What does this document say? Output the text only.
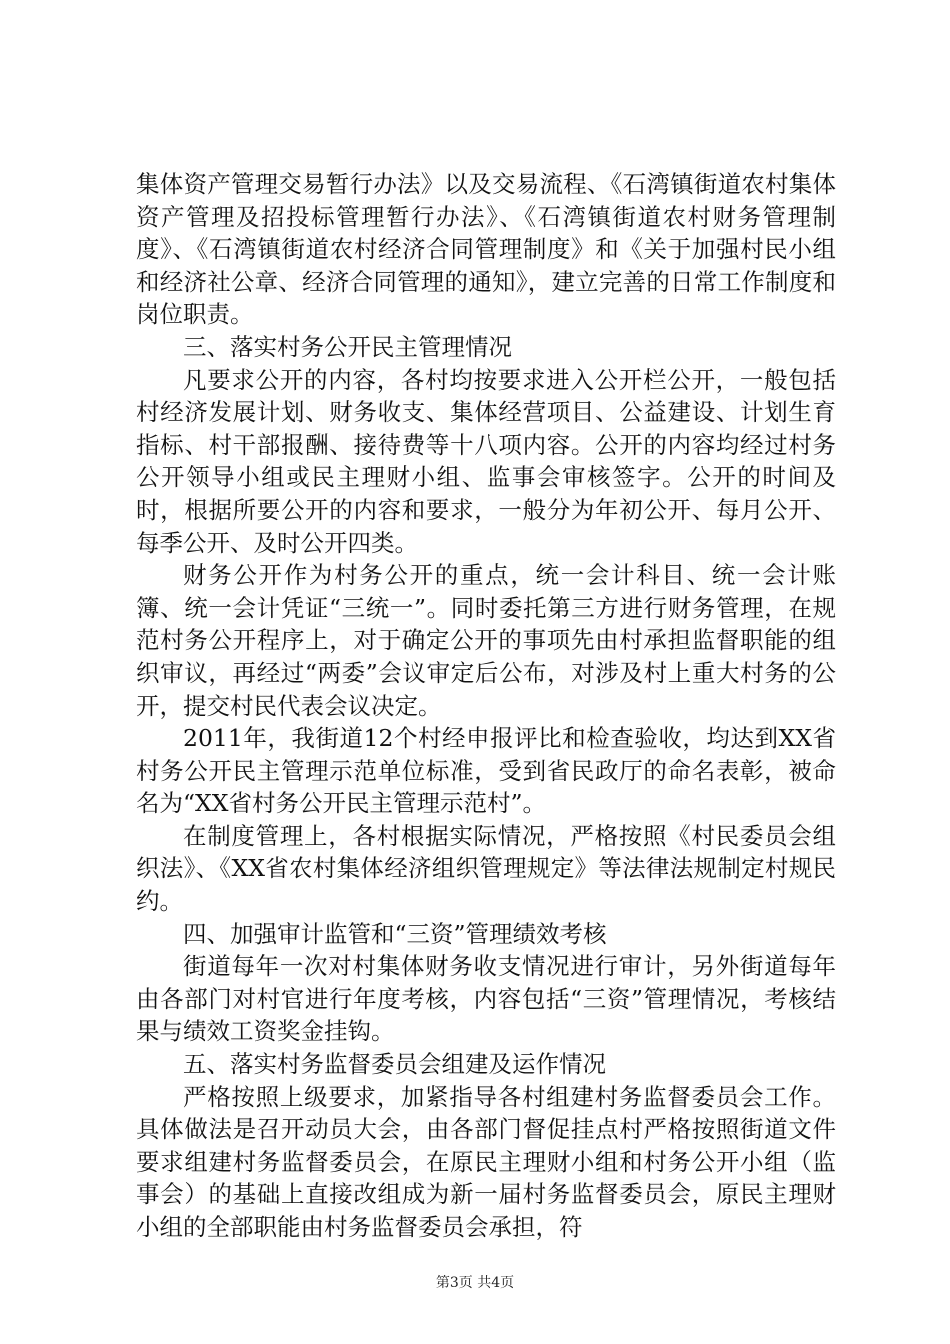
集体资产管理交易暂行办法》以及交易流程、《石湾镇街道农村集体资产管理及招投标管理暂行办法》、《石湾镇街道农村财务管理制度》、《石湾镇街道农村经济合同管理制度》和《关于加强村民小组和经济社公章、经济合同管理的通知》，建立完善的日常工作制度和岗位职责。

三、落实村务公开民主管理情况

凡要求公开的内容，各村均按要求进入公开栏公开，一般包括村经济发展计划、财务收支、集体经营项目、公益建设、计划生育指标、村干部报酬、接待费等十八项内容。公开的内容均经过村务公开领导小组或民主理财小组、监事会审核签字。公开的时间及时，根据所要公开的内容和要求，一般分为年初公开、每月公开、每季公开、及时公开四类。

财务公开作为村务公开的重点，统一会计科目、统一会计账簿、统一会计凭证“三统一”。同时委托第三方进行财务管理，在规范村务公开程序上，对于确定公开的事项先由村承担监督职能的组织审议，再经过“两委”会议审定后公布，对涉及村上重大村务的公开，提交村民代表会议决定。

2011年，我街道12个村经申报评比和检查验收，均达到XX省村务公开民主管理示范单位标准，受到省民政厅的命名表彰，被命名为“XX省村务公开民主管理示范村”。

在制度管理上，各村根据实际情况，严格按照《村民委员会组织法》、《XX省农村集体经济组织管理规定》等法律法规制定村规民约。

四、加强审计监管和“三资”管理绩效考核

街道每年一次对村集体财务收支情况进行审计，另外街道每年由各部门对村官进行年度考核，内容包括“三资”管理情况，考核结果与绩效工资奖金挂钩。

五、落实村务监督委员会组建及运作情况

严格按照上级要求，加紧指导各村组建村务监督委员会工作。具体做法是召开动员大会，由各部门督促挂点村严格按照街道文件要求组建村务监督委员会，在原民主理财小组和村务公开小组（监事会）的基础上直接改组成为新一届村务监督委员会，原民主理财小组的全部职能由村务监督委员会承担，符

第3页 共4页
